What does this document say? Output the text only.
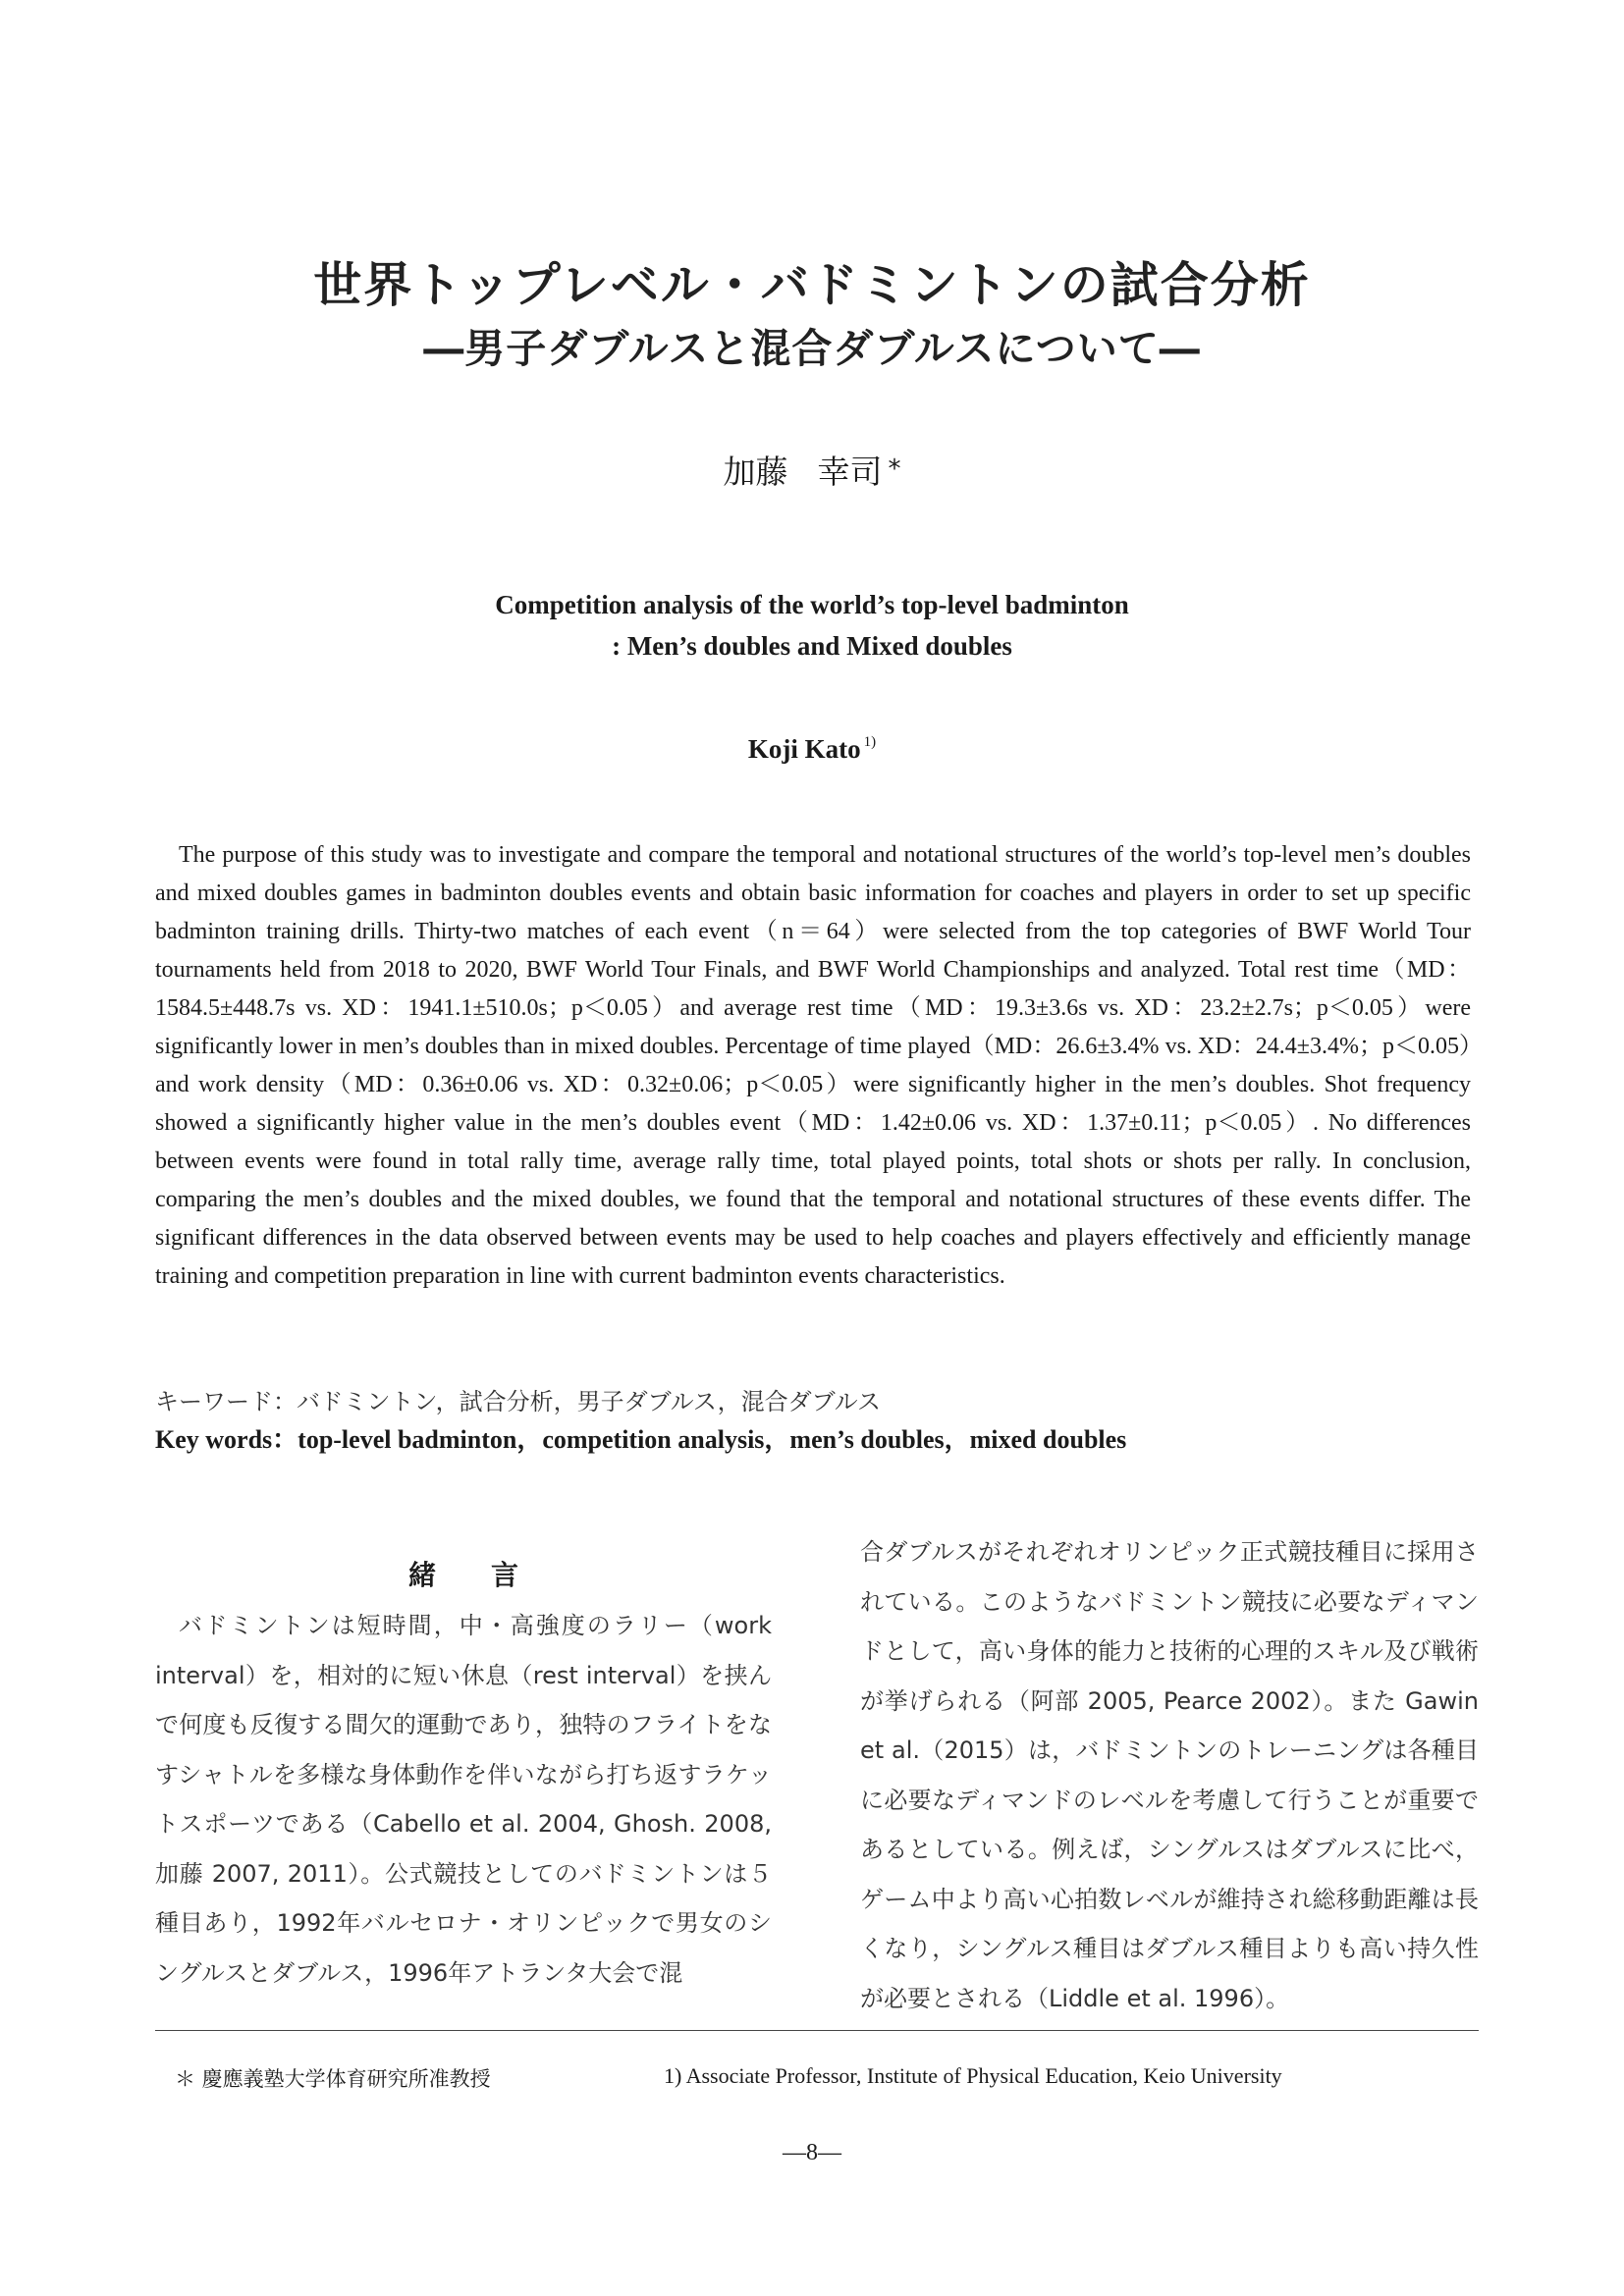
世界トップレベル・バドミントンの試合分析
―男子ダブルスと混合ダブルスについて―
加藤 幸司 *
Competition analysis of the world’s top-level badminton
: Men’s doubles and Mixed doubles
Koji Kato $^{1)}$

The purpose of this study was to investigate and compare the temporal and notational structures of the world’s top-level men’s doubles and mixed doubles games in badminton doubles events and obtain basic information for coaches and players in order to set up specific badminton training drills. Thirty-two matches of each event（n＝64）were selected from the top categories of BWF World Tour tournaments held from 2018 to 2020, BWF World Tour Finals, and BWF World Championships and analyzed. Total rest time（MD：1584.5±448.7s vs. XD：1941.1±510.0s；p＜0.05）and average rest time（MD：19.3±3.6s vs. XD：23.2±2.7s；p＜0.05）were significantly lower in men’s doubles than in mixed doubles. Percentage of time played（MD：26.6±3.4% vs. XD：24.4±3.4%；p＜0.05）and work density（MD：0.36±0.06 vs. XD：0.32±0.06；p＜0.05）were significantly higher in the men’s doubles. Shot frequency showed a significantly higher value in the men’s doubles event（MD：1.42±0.06 vs. XD：1.37±0.11；p＜0.05）. No differences between events were found in total rally time, average rally time, total played points, total shots or shots per rally. In conclusion, comparing the men’s doubles and the mixed doubles, we found that the temporal and notational structures of these events differ. The significant differences in the data observed between events may be used to help coaches and players effectively and efficiently manage training and competition preparation in line with current badminton events characteristics.

キーワード：バドミントン，試合分析，男子ダブルス，混合ダブルス
Key words：top-level badminton，competition analysis，men’s doubles，mixed doubles
緒言

バドミントンは短時間，中・高強度のラリー（work interval）を，相対的に短い休息（rest interval）を挟んで何度も反復する間欠的運動であり，独特のフライトをなすシャトルを多様な身体動作を伴いながら打ち返すラケットスポーツである（Cabello et al. 2004, Ghosh. 2008, 加藤 2007, 2011）。公式競技としてのバドミントンは５種目あり，1992年バルセロナ・オリンピックで男女のシングルスとダブルス，1996年アトランタ大会で混

合ダブルスがそれぞれオリンピック正式競技種目に採用されている。このようなバドミントン競技に必要なディマンドとして，高い身体的能力と技術的心理的スキル及び戦術が挙げられる（阿部 2005, Pearce 2002）。また Gawin et al.（2015）は，バドミントンのトレーニングは各種目に必要なディマンドのレベルを考慮して行うことが重要であるとしている。例えば，シングルスはダブルスに比べ，ゲーム中より高い心拍数レベルが維持され総移動距離は長くなり，シングルス種目はダブルス種目よりも高い持久性が必要とされる（Liddle et al. 1996）。

＊ 慶應義塾大学体育研究所准教授	1) Associate Professor, Institute of Physical Education, Keio University
―8―
